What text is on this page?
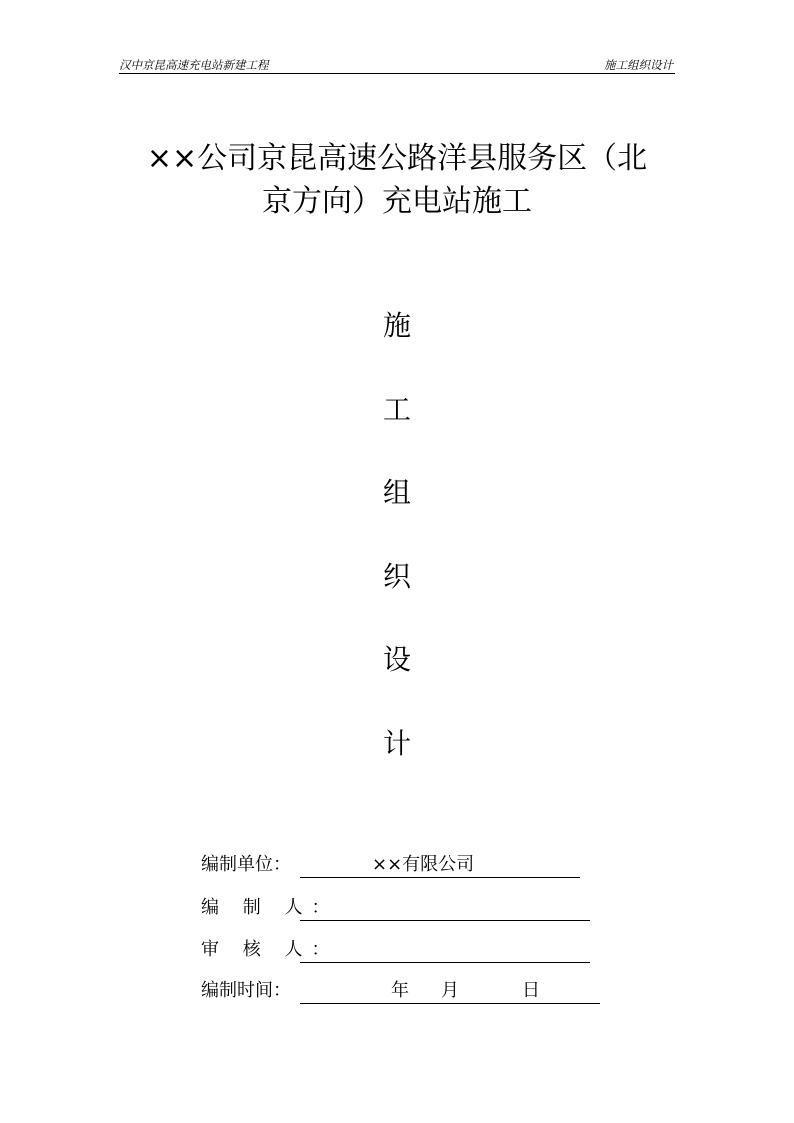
汉中京昆高速充电站新建工程	施工组织设计
××公司京昆高速公路洋县服务区（北
京方向）充电站施工
施
工
组
织
设
计
编制单位：	××有限公司
编 制 人：
审 核 人：
编制时间：	年 月	日
